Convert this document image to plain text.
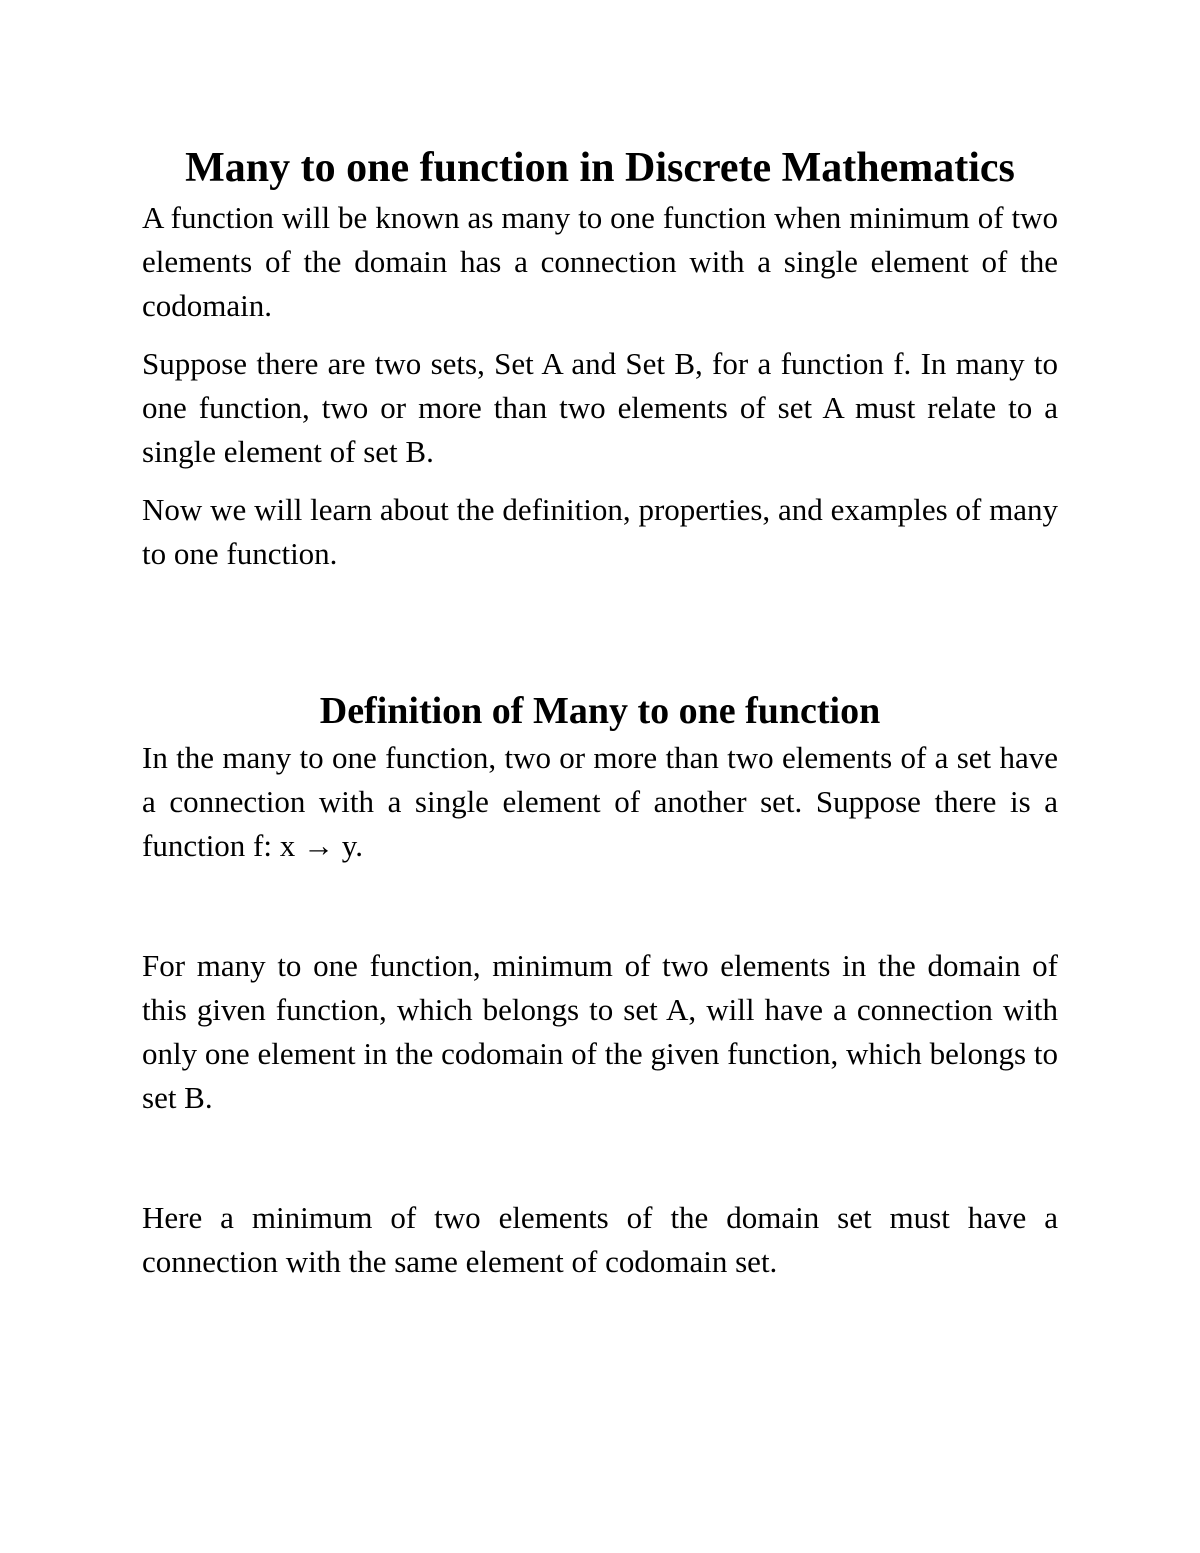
Many to one function in Discrete Mathematics

A function will be known as many to one function when minimum of two elements of the domain has a connection with a single element of the codomain.

Suppose there are two sets, Set A and Set B, for a function f. In many to one function, two or more than two elements of set A must relate to a single element of set B.

Now we will learn about the definition, properties, and examples of many to one function.

Definition of Many to one function

In the many to one function, two or more than two elements of a set have a connection with a single element of another set. Suppose there is a function f: x → y.

For many to one function, minimum of two elements in the domain of this given function, which belongs to set A, will have a connection with only one element in the codomain of the given function, which belongs to set B.

Here a minimum of two elements of the domain set must have a connection with the same element of codomain set.
